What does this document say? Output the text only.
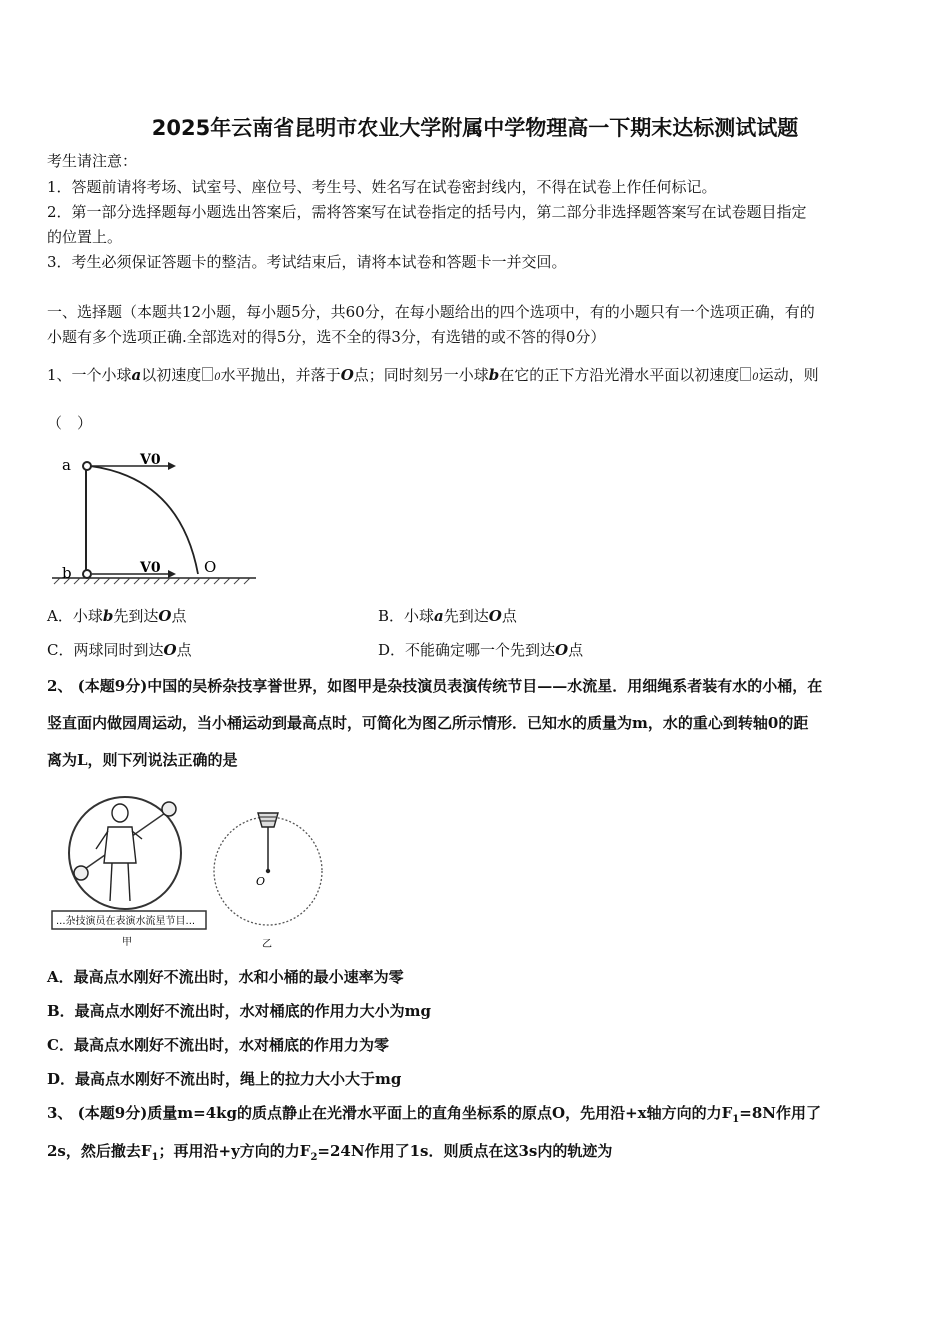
2025年云南省昆明市农业大学附属中学物理高一下期末达标测试试题
考生请注意：
1．答题前请将考场、试室号、座位号、考生号、姓名写在试卷密封线内，不得在试卷上作任何标记。
2．第一部分选择题每小题选出答案后，需将答案写在试卷指定的括号内，第二部分非选择题答案写在试卷题目指定
的位置上。
3．考生必须保证答题卡的整洁。考试结束后，请将本试卷和答题卡一并交回。
一、选择题（本题共12小题，每小题5分，共60分，在每小题给出的四个选项中，有的小题只有一个选项正确，有的
小题有多个选项正确.全部选对的得5分，选不全的得3分，有选错的或不答的得0分）
1、一个小球a以初速度 0水平抛出，并落于O点；同时刻另一小球b在它的正下方沿光滑水平面以初速度 0运动，则
（　）
a
b
V0
V0	O
A．小球b先到达O点	B．小球a先到达O点
C．两球同时到达O点	D．不能确定哪一个先到达O点
2、 (本题9分)中国的吴桥杂技享誉世界，如图甲是杂技演员表演传统节目——水流星．用细绳系者装有水的小桶，在
竖直面内做园周运动，当小桶运动到最高点时，可简化为图乙所示情形．已知水的质量为m，水的重心到转轴0的距
离为L，则下列说法正确的是
...杂技演员在表演水流星节目...
甲
O
乙
A．最高点水刚好不流出时，水和小桶的最小速率为零
B．最高点水刚好不流出时，水对桶底的作用力大小为mg
C．最高点水刚好不流出时，水对桶底的作用力为零
D．最高点水刚好不流出时，绳上的拉力大小大于mg
3、 (本题9分)质量m=4kg的质点静止在光滑水平面上的直角坐标系的原点O，先用沿+x轴方向的力$F_1=8N$作用了
2s，然后撤去$F_1$；再用沿+y方向的力$F_2=24N$作用了1s．则质点在这3s内的轨迹为
